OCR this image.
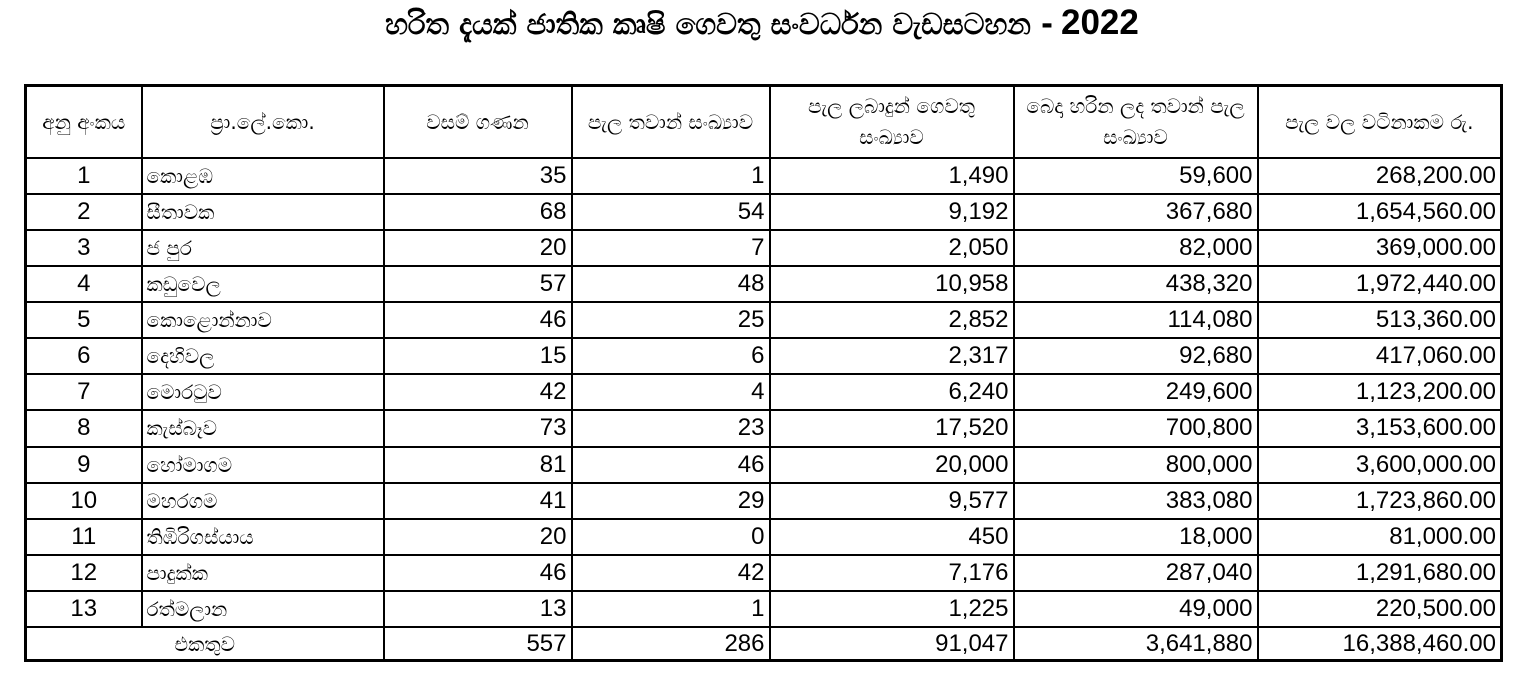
හරිත දැයක් ජාතික කෘෂි ගෙවතු සංවර්ධන වැඩසටහන - 2022
අනු අංකය	ප්‍රා.ලේ.කො.	වසම් ගණන	පැල තවාන් සංඛ්‍යාව	පැල ලබාදුන් ගෙවතු සංඛ්‍යාව	බෙදා හරින ලද තවාන් පැල සංඛ්‍යාව	පැල වල වටිනාකම රු.
1	කොළඹ	35	1	1,490	59,600	268,200.00
2	සීතාවක	68	54	9,192	367,680	1,654,560.00
3	ජ පුර	20	7	2,050	82,000	369,000.00
4	කඩුවෙල	57	48	10,958	438,320	1,972,440.00
5	කොළොන්නාව	46	25	2,852	114,080	513,360.00
6	දෙහිවල	15	6	2,317	92,680	417,060.00
7	මොරටුව	42	4	6,240	249,600	1,123,200.00
8	කැස්බෑව	73	23	17,520	700,800	3,153,600.00
9	හෝමාගම	81	46	20,000	800,000	3,600,000.00
10	මහරගම	41	29	9,577	383,080	1,723,860.00
11	තිඹිරිගස්යාය	20	0	450	18,000	81,000.00
12	පාදුක්ක	46	42	7,176	287,040	1,291,680.00
13	රත්මලාන	13	1	1,225	49,000	220,500.00
එකතුව		557	286	91,047	3,641,880	16,388,460.00
